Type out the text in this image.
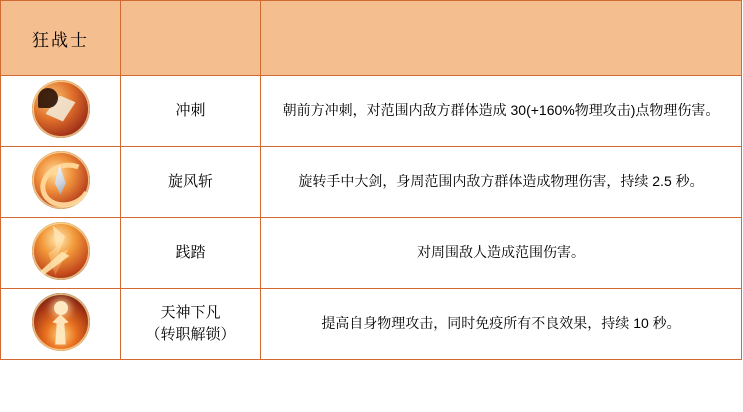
狂战士		

	冲刺	朝前方冲刺，对范围内敌方群体造成 30(+160%物理攻击)点物理伤害。

	旋风斩	旋转手中大剑，身周范围内敌方群体造成物理伤害，持续 2.5 秒。

	践踏	对周围敌人造成范围伤害。

	天神下凡
（转职解锁）	提高自身物理攻击，同时免疫所有不良效果，持续 10 秒。
